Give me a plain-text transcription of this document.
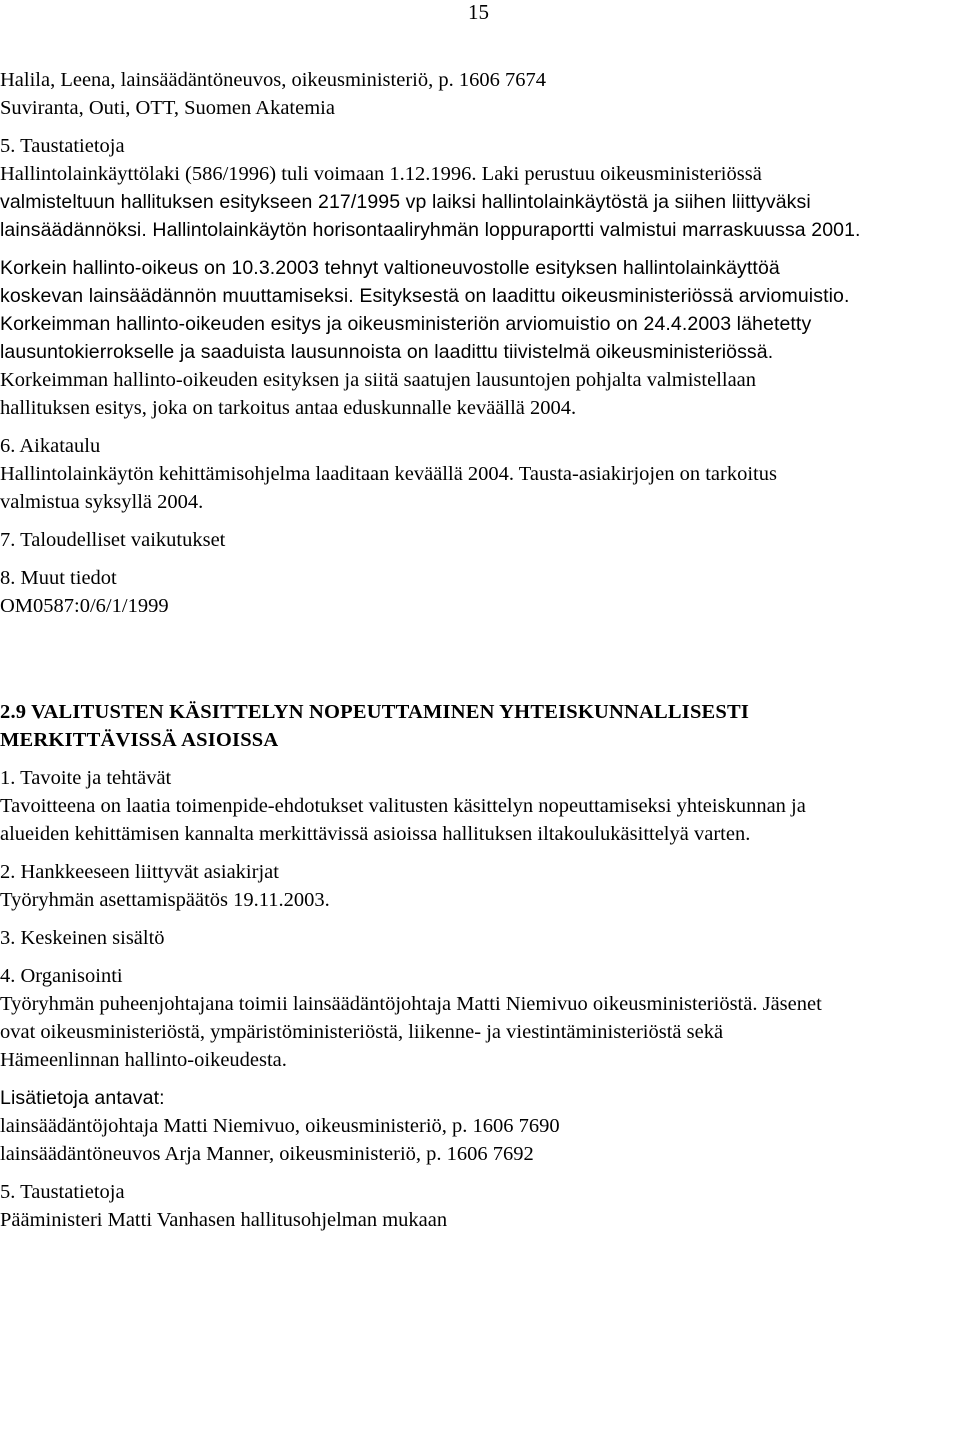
15

Halila, Leena, lainsäädäntöneuvos, oikeusministeriö, p. 1606 7674

Suviranta, Outi, OTT, Suomen Akatemia

5. Taustatietoja

Hallintolainkäyttölaki (586/1996) tuli voimaan 1.12.1996. Laki perustuu oikeusministeriössä

valmisteltuun hallituksen esitykseen 217/1995 vp laiksi hallintolainkäytöstä ja siihen liittyväksi

lainsäädännöksi. Hallintolainkäytön horisontaaliryhmän loppuraportti valmistui marraskuussa 2001.

Korkein hallinto-oikeus on 10.3.2003 tehnyt valtioneuvostolle esityksen hallintolainkäyttöä

koskevan lainsäädännön muuttamiseksi. Esityksestä on laadittu oikeusministeriössä arviomuistio.

Korkeimman hallinto-oikeuden esitys ja oikeusministeriön arviomuistio on 24.4.2003 lähetetty

lausuntokierrokselle ja saaduista lausunnoista on laadittu tiivistelmä oikeusministeriössä.

Korkeimman hallinto-oikeuden esityksen ja siitä saatujen lausuntojen pohjalta valmistellaan

hallituksen esitys, joka on tarkoitus antaa eduskunnalle keväällä 2004.

6. Aikataulu

Hallintolainkäytön kehittämisohjelma laaditaan keväällä 2004. Tausta-asiakirjojen on tarkoitus

valmistua syksyllä 2004.

7. Taloudelliset vaikutukset

8. Muut tiedot

OM0587:0/6/1/1999

2.9 VALITUSTEN KÄSITTELYN NOPEUTTAMINEN YHTEISKUNNALLISESTI

MERKITTÄVISSÄ ASIOISSA

1. Tavoite ja tehtävät

Tavoitteena on laatia toimenpide-ehdotukset valitusten käsittelyn nopeuttamiseksi yhteiskunnan ja

alueiden kehittämisen kannalta merkittävissä asioissa hallituksen iltakoulukäsittelyä varten.

2. Hankkeeseen liittyvät asiakirjat

Työryhmän asettamispäätös 19.11.2003.

3. Keskeinen sisältö

4. Organisointi

Työryhmän puheenjohtajana toimii lainsäädäntöjohtaja Matti Niemivuo oikeusministeriöstä. Jäsenet

ovat oikeusministeriöstä, ympäristöministeriöstä, liikenne- ja viestintäministeriöstä sekä

Hämeenlinnan hallinto-oikeudesta.

Lisätietoja antavat:

lainsäädäntöjohtaja Matti Niemivuo, oikeusministeriö, p. 1606 7690

lainsäädäntöneuvos Arja Manner, oikeusministeriö, p. 1606 7692

5. Taustatietoja

Pääministeri Matti Vanhasen hallitusohjelman mukaan
